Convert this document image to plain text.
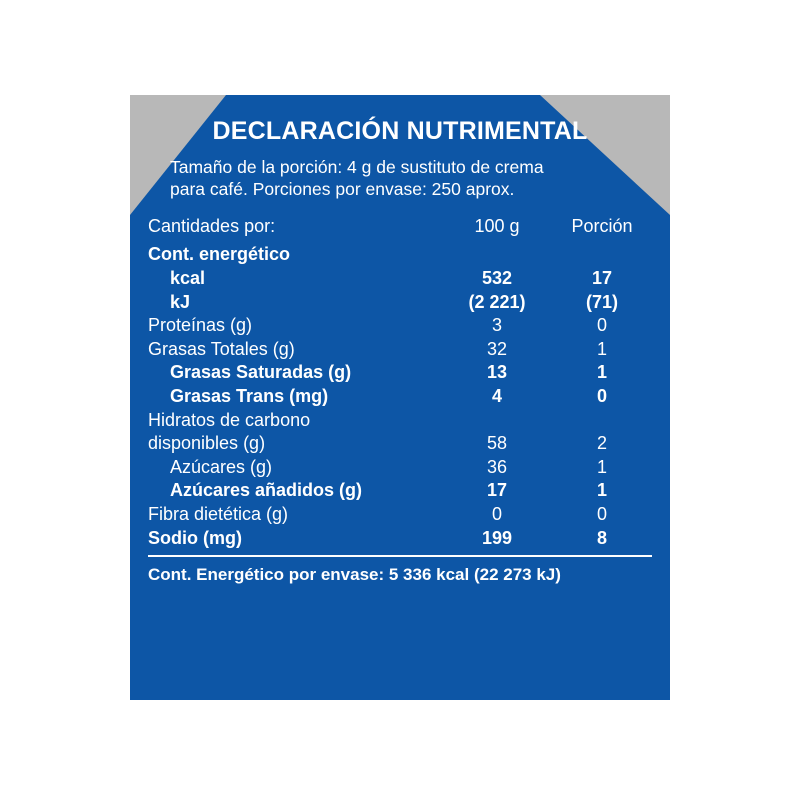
DECLARACIÓN NUTRIMENTAL
Tamaño de la porción: 4 g de sustituto de crema
para café. Porciones por envase: 250 aprox.
Cantidades por:	100 g	Porción
Cont. energético		
kcal	532	17
kJ	(2 221)	(71)
Proteínas (g)	3	0
Grasas Totales (g)	32	1
Grasas Saturadas (g)	13	1
Grasas Trans (mg)	4	0
Hidratos de carbono		
disponibles (g)	58	2
Azúcares (g)	36	1
Azúcares añadidos (g)	17	1
Fibra dietética (g)	0	0
Sodio (mg)	199	8
Cont. Energético por envase: 5 336 kcal (22 273 kJ)
